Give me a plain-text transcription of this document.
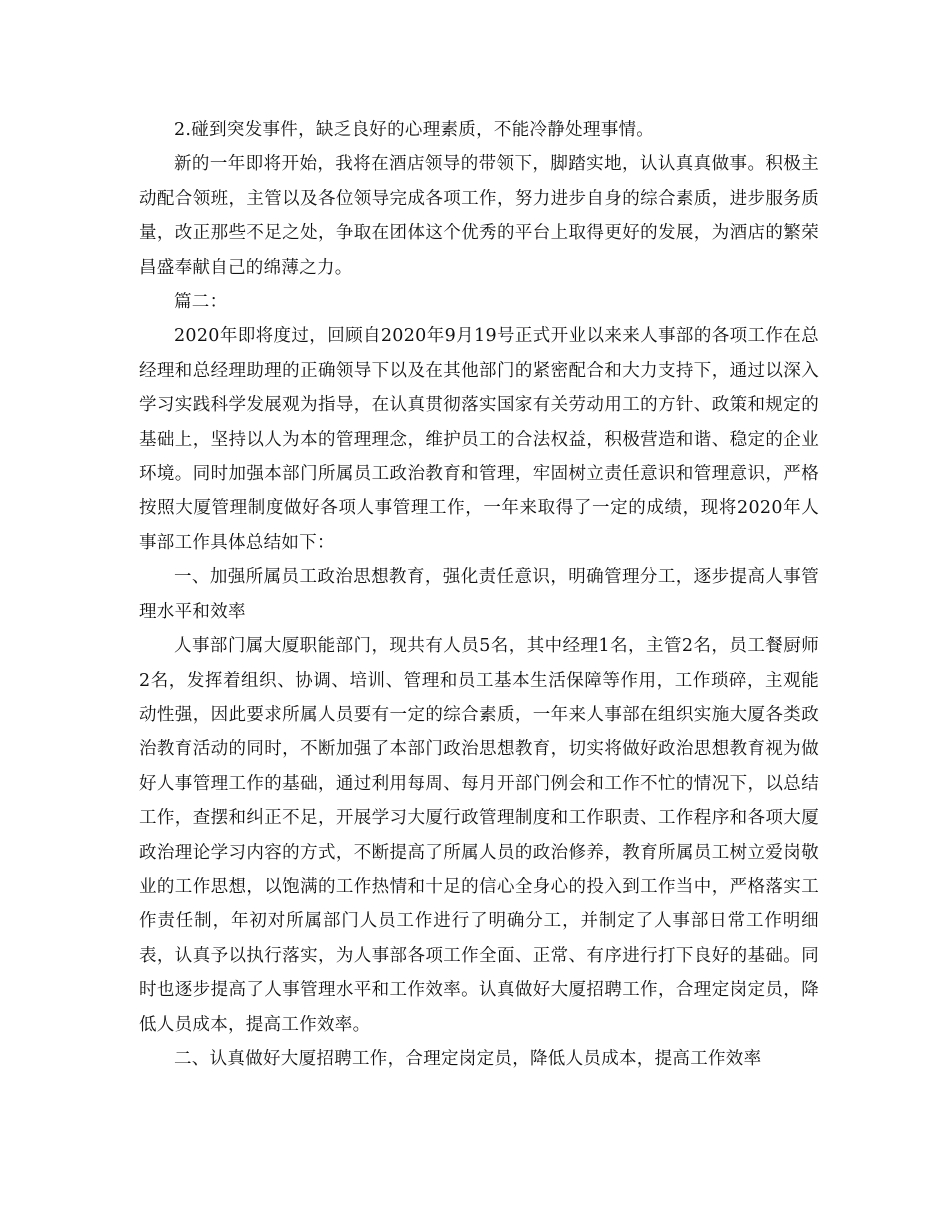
2.碰到突发事件，缺乏良好的心理素质，不能冷静处理事情。

新的一年即将开始，我将在酒店领导的带领下，脚踏实地，认认真真做事。积极主动配合领班，主管以及各位领导完成各项工作，努力进步自身的综合素质，进步服务质量，改正那些不足之处，争取在团体这个优秀的平台上取得更好的发展，为酒店的繁荣昌盛奉献自己的绵薄之力。

篇二：

2020年即将度过，回顾自2020年9月19号正式开业以来来人事部的各项工作在总经理和总经理助理的正确领导下以及在其他部门的紧密配合和大力支持下，通过以深入学习实践科学发展观为指导，在认真贯彻落实国家有关劳动用工的方针、政策和规定的基础上，坚持以人为本的管理理念，维护员工的合法权益，积极营造和谐、稳定的企业环境。同时加强本部门所属员工政治教育和管理，牢固树立责任意识和管理意识，严格按照大厦管理制度做好各项人事管理工作，一年来取得了一定的成绩，现将2020年人事部工作具体总结如下：

一、加强所属员工政治思想教育，强化责任意识，明确管理分工，逐步提高人事管理水平和效率

人事部门属大厦职能部门，现共有人员5名，其中经理1名，主管2名，员工餐厨师2名，发挥着组织、协调、培训、管理和员工基本生活保障等作用，工作琐碎，主观能动性强，因此要求所属人员要有一定的综合素质，一年来人事部在组织实施大厦各类政治教育活动的同时，不断加强了本部门政治思想教育，切实将做好政治思想教育视为做好人事管理工作的基础，通过利用每周、每月开部门例会和工作不忙的情况下，以总结工作，查摆和纠正不足，开展学习大厦行政管理制度和工作职责、工作程序和各项大厦政治理论学习内容的方式，不断提高了所属人员的政治修养，教育所属员工树立爱岗敬业的工作思想，以饱满的工作热情和十足的信心全身心的投入到工作当中，严格落实工作责任制，年初对所属部门人员工作进行了明确分工，并制定了人事部日常工作明细表，认真予以执行落实，为人事部各项工作全面、正常、有序进行打下良好的基础。同时也逐步提高了人事管理水平和工作效率。认真做好大厦招聘工作，合理定岗定员，降低人员成本，提高工作效率。

二、认真做好大厦招聘工作，合理定岗定员，降低人员成本，提高工作效率
